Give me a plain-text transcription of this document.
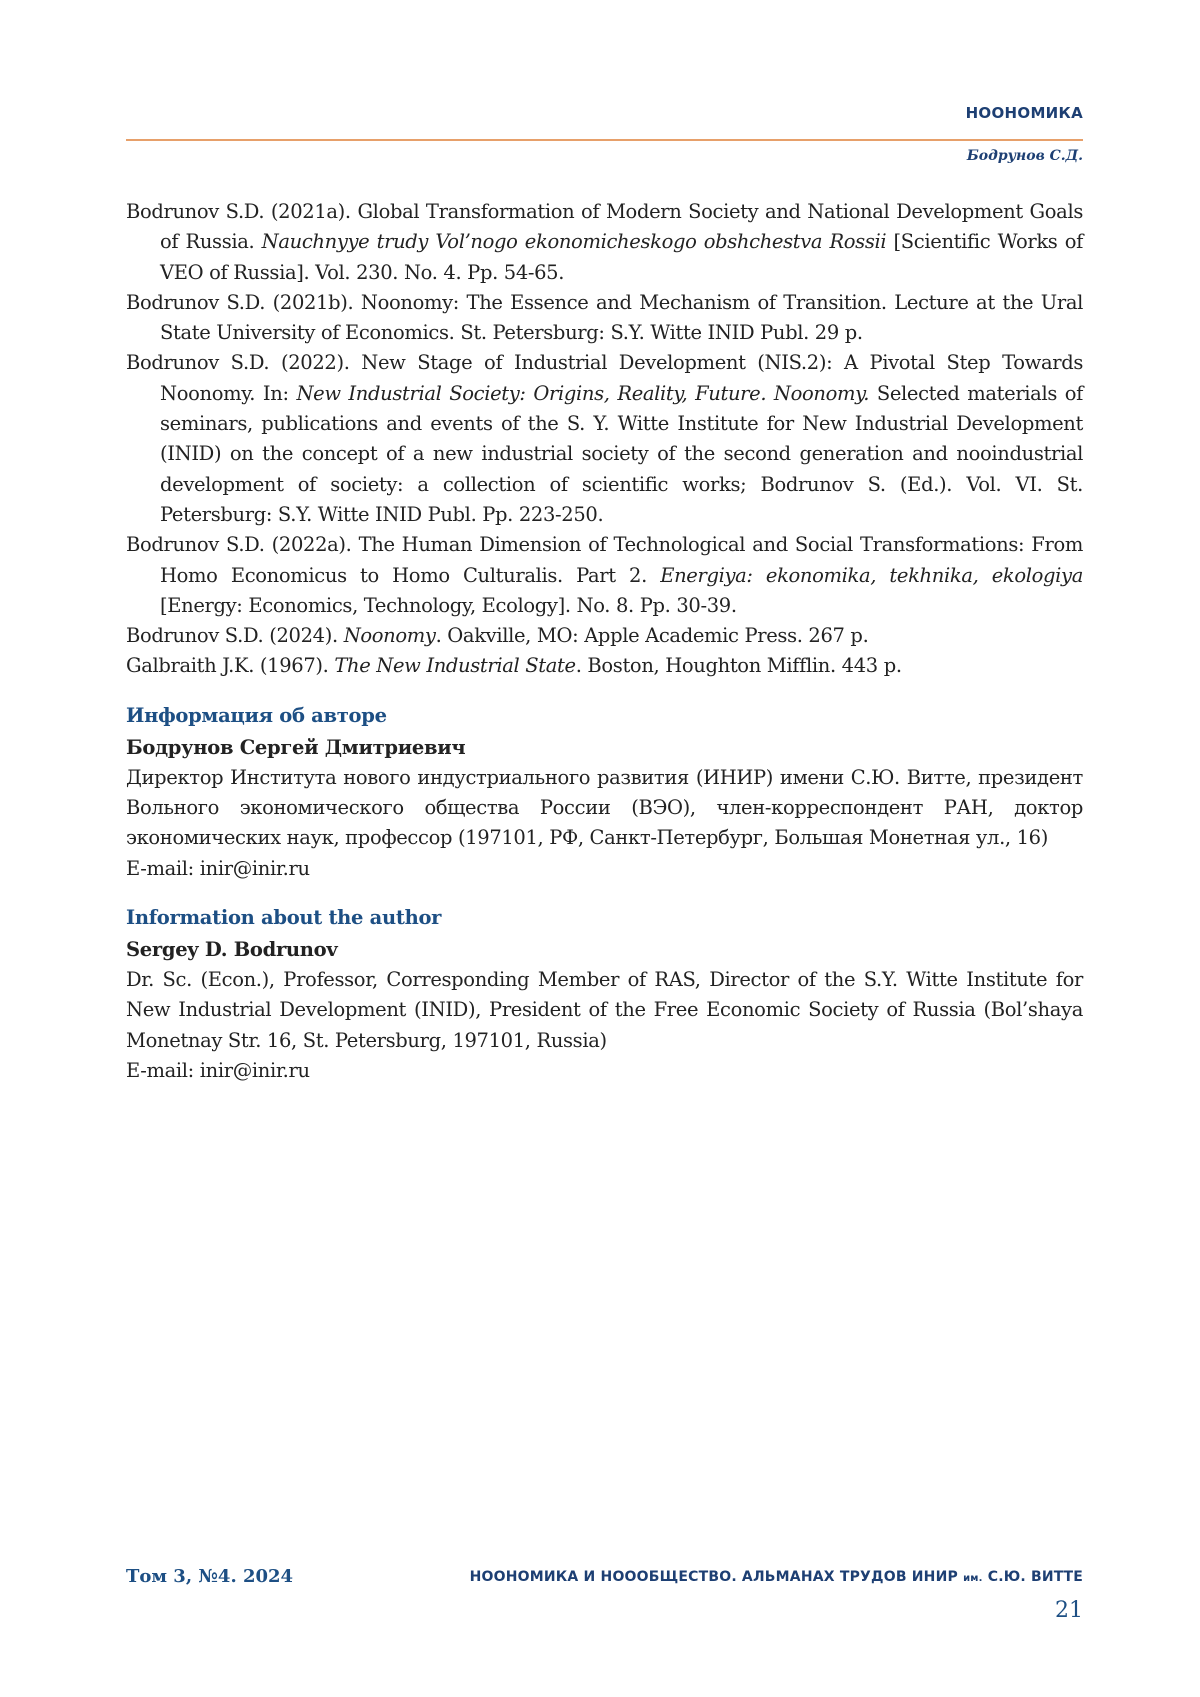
НООНОМИКА
Бодрунов С.Д.

Bodrunov S.D. (2021a). Global Transformation of Modern Society and National Development Goals of Russia. Nauchnyye trudy Vol’nogo ekonomicheskogo obshchestva Rossii [Scientific Works of VEO of Russia]. Vol. 230. No. 4. Pp. 54-65.

Bodrunov S.D. (2021b). Noonomy: The Essence and Mechanism of Transition. Lecture at the Ural State University of Economics. St. Petersburg: S.Y. Witte INID Publ. 29 p.

Bodrunov S.D. (2022). New Stage of Industrial Development (NIS.2): A Pivotal Step Towards Noonomy. In: New Industrial Society: Origins, Reality, Future. Noonomy. Selected materials of seminars, publications and events of the S. Y. Witte Institute for New Industrial Development (INID) on the concept of a new industrial society of the second generation and nooindustrial development of society: a collection of scientific works; Bodrunov S. (Ed.). Vol. VI. St. Petersburg: S.Y. Witte INID Publ. Pp. 223-250.

Bodrunov S.D. (2022a). The Human Dimension of Technological and Social Transformations: From Homo Economicus to Homo Culturalis. Part 2. Energiya: ekonomika, tekhnika, ekologiya [Energy: Economics, Technology, Ecology]. No. 8. Pp. 30-39.

Bodrunov S.D. (2024). Noonomy. Oakville, MO: Apple Academic Press. 267 p.

Galbraith J.K. (1967). The New Industrial State. Boston, Houghton Mifflin. 443 p.

Информация об авторе

Бодрунов Сергей Дмитриевич

Директор Института нового индустриального развития (ИНИР) имени С.Ю. Витте, президент Вольного экономического общества России (ВЭО), член-корреспондент РАН, доктор экономических наук, профессор (197101, РФ, Санкт-Петербург, Большая Монетная ул., 16)

E-mail: inir@inir.ru

Information about the author

Sergey D. Bodrunov

Dr. Sc. (Econ.), Professor, Corresponding Member of RAS, Director of the S.Y. Witte Institute for New Industrial Development (INID), President of the Free Economic Society of Russia (Bol’shaya Monetnay Str. 16, St. Petersburg, 197101, Russia)

E-mail: inir@inir.ru

Том 3, №4. 2024	НООНОМИКА И НОООБЩЕСТВО. АЛЬМАНАХ ТРУДОВ ИНИР им. С.Ю. ВИТТЕ
21
